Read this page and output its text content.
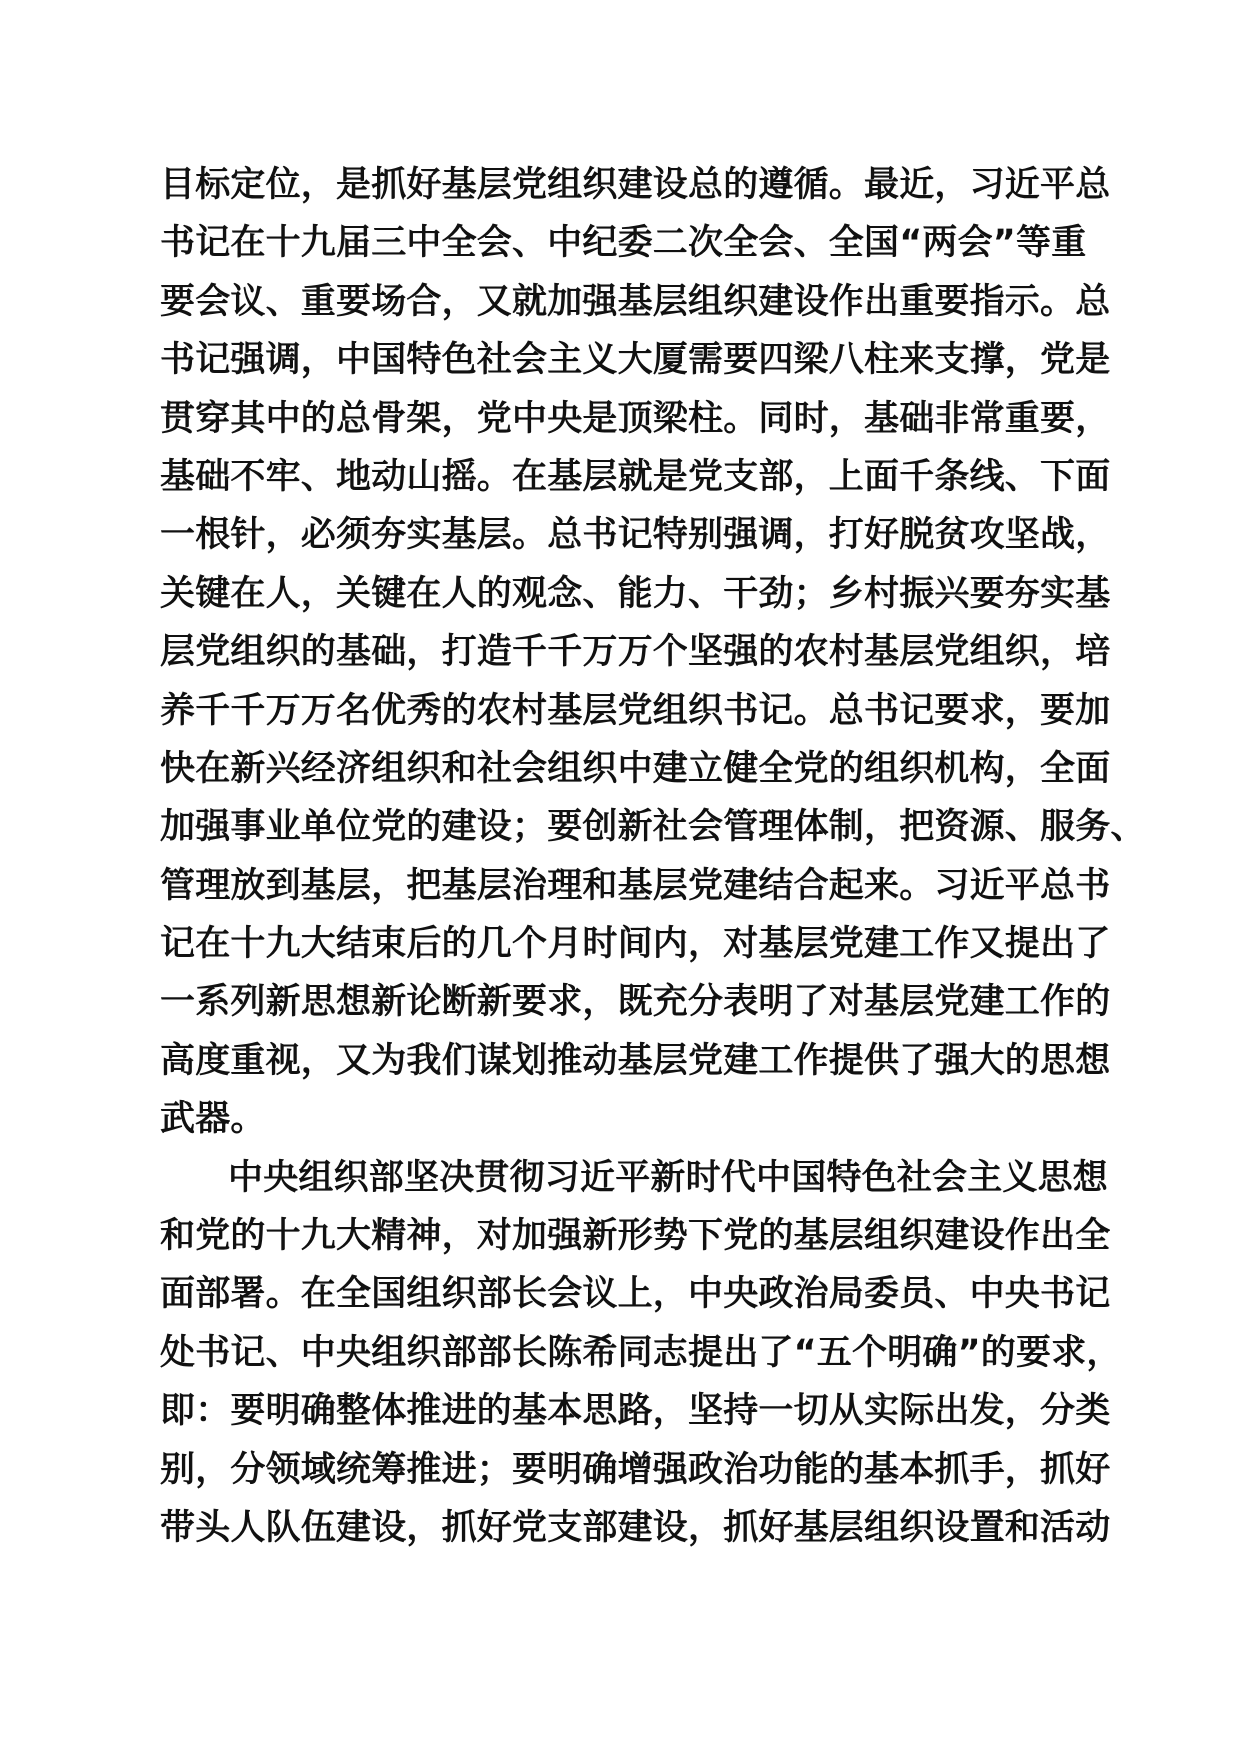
目标定位，是抓好基层党组织建设总的遵循。最近，习近平总
书记在十九届三中全会、中纪委二次全会、全国“两会”等重
要会议、重要场合，又就加强基层组织建设作出重要指示。总
书记强调，中国特色社会主义大厦需要四梁八柱来支撑，党是
贯穿其中的总骨架，党中央是顶梁柱。同时，基础非常重要，
基础不牢、地动山摇。在基层就是党支部，上面千条线、下面
一根针，必须夯实基层。总书记特别强调，打好脱贫攻坚战，
关键在人，关键在人的观念、能力、干劲；乡村振兴要夯实基
层党组织的基础，打造千千万万个坚强的农村基层党组织，培
养千千万万名优秀的农村基层党组织书记。总书记要求，要加
快在新兴经济组织和社会组织中建立健全党的组织机构，全面
加强事业单位党的建设；要创新社会管理体制，把资源、服务、
管理放到基层，把基层治理和基层党建结合起来。习近平总书
记在十九大结束后的几个月时间内，对基层党建工作又提出了
一系列新思想新论断新要求，既充分表明了对基层党建工作的
高度重视，又为我们谋划推动基层党建工作提供了强大的思想
武器。
中央组织部坚决贯彻习近平新时代中国特色社会主义思想
和党的十九大精神，对加强新形势下党的基层组织建设作出全
面部署。在全国组织部长会议上，中央政治局委员、中央书记
处书记、中央组织部部长陈希同志提出了“五个明确”的要求，
即：要明确整体推进的基本思路，坚持一切从实际出发，分类
别，分领域统筹推进；要明确增强政治功能的基本抓手，抓好
带头人队伍建设，抓好党支部建设，抓好基层组织设置和活动
